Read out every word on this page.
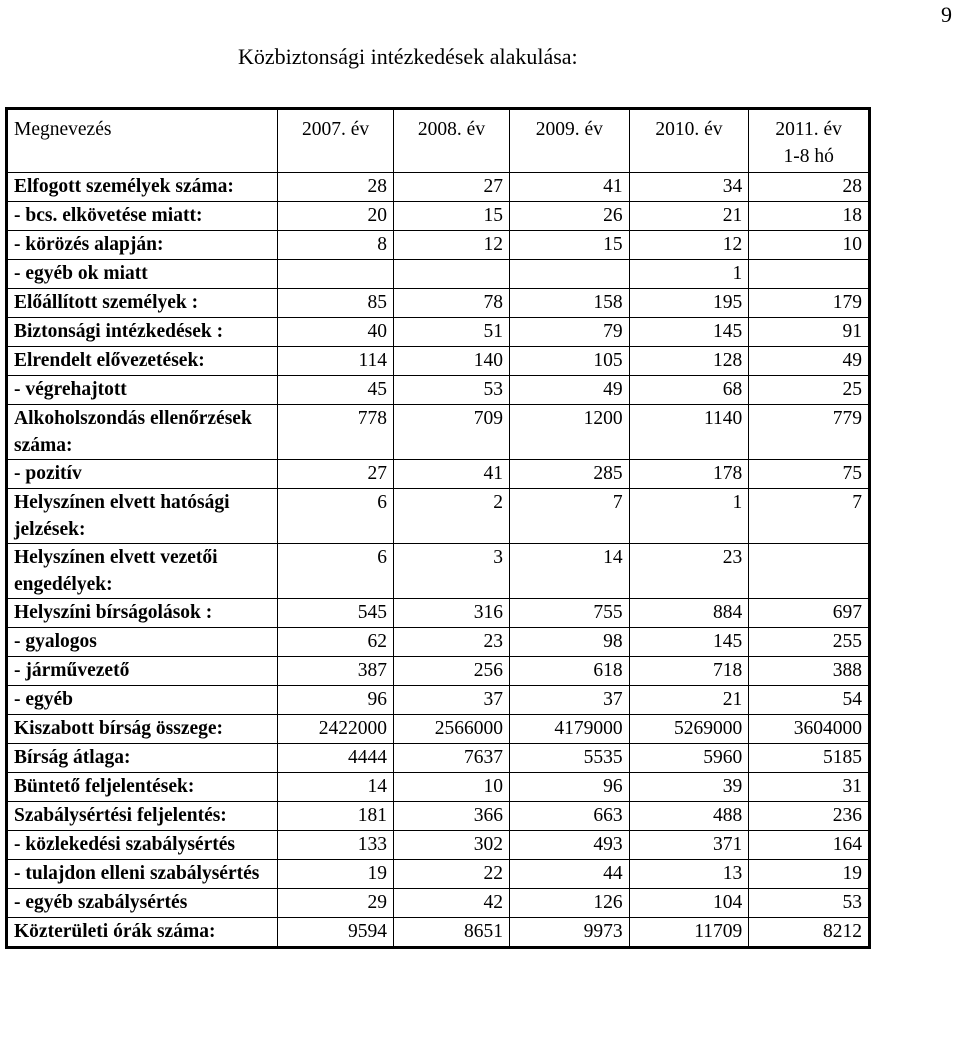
9
Közbiztonsági intézkedések alakulása:
Megnevezés	2007. év	2008. év	2009. év	2010. év	2011. év
1-8 hó

Elfogott személyek száma:	28	27	41	34	28
- bcs. elkövetése miatt:	20	15	26	21	18
- körözés alapján:	8	12	15	12	10
- egyéb ok miatt				1	
Előállított személyek :	85	78	158	195	179
Biztonsági intézkedések :	40	51	79	145	91
Elrendelt elővezetések:	114	140	105	128	49
- végrehajtott	45	53	49	68	25
Alkoholszondás ellenőrzések száma:	778	709	1200	1140	779
- pozitív	27	41	285	178	75
Helyszínen elvett hatósági jelzések:	6	2	7	1	7
Helyszínen elvett vezetői engedélyek:	6	3	14	23	
Helyszíni bírságolások :	545	316	755	884	697
- gyalogos	62	23	98	145	255
- járművezető	387	256	618	718	388
- egyéb	96	37	37	21	54
Kiszabott bírság összege:	2422000	2566000	4179000	5269000	3604000
Bírság átlaga:	4444	7637	5535	5960	5185
Büntető feljelentések:	14	10	96	39	31
Szabálysértési feljelentés:	181	366	663	488	236
- közlekedési szabálysértés	133	302	493	371	164
- tulajdon elleni szabálysértés	19	22	44	13	19
- egyéb szabálysértés	29	42	126	104	53
Közterületi órák száma:	9594	8651	9973	11709	8212
